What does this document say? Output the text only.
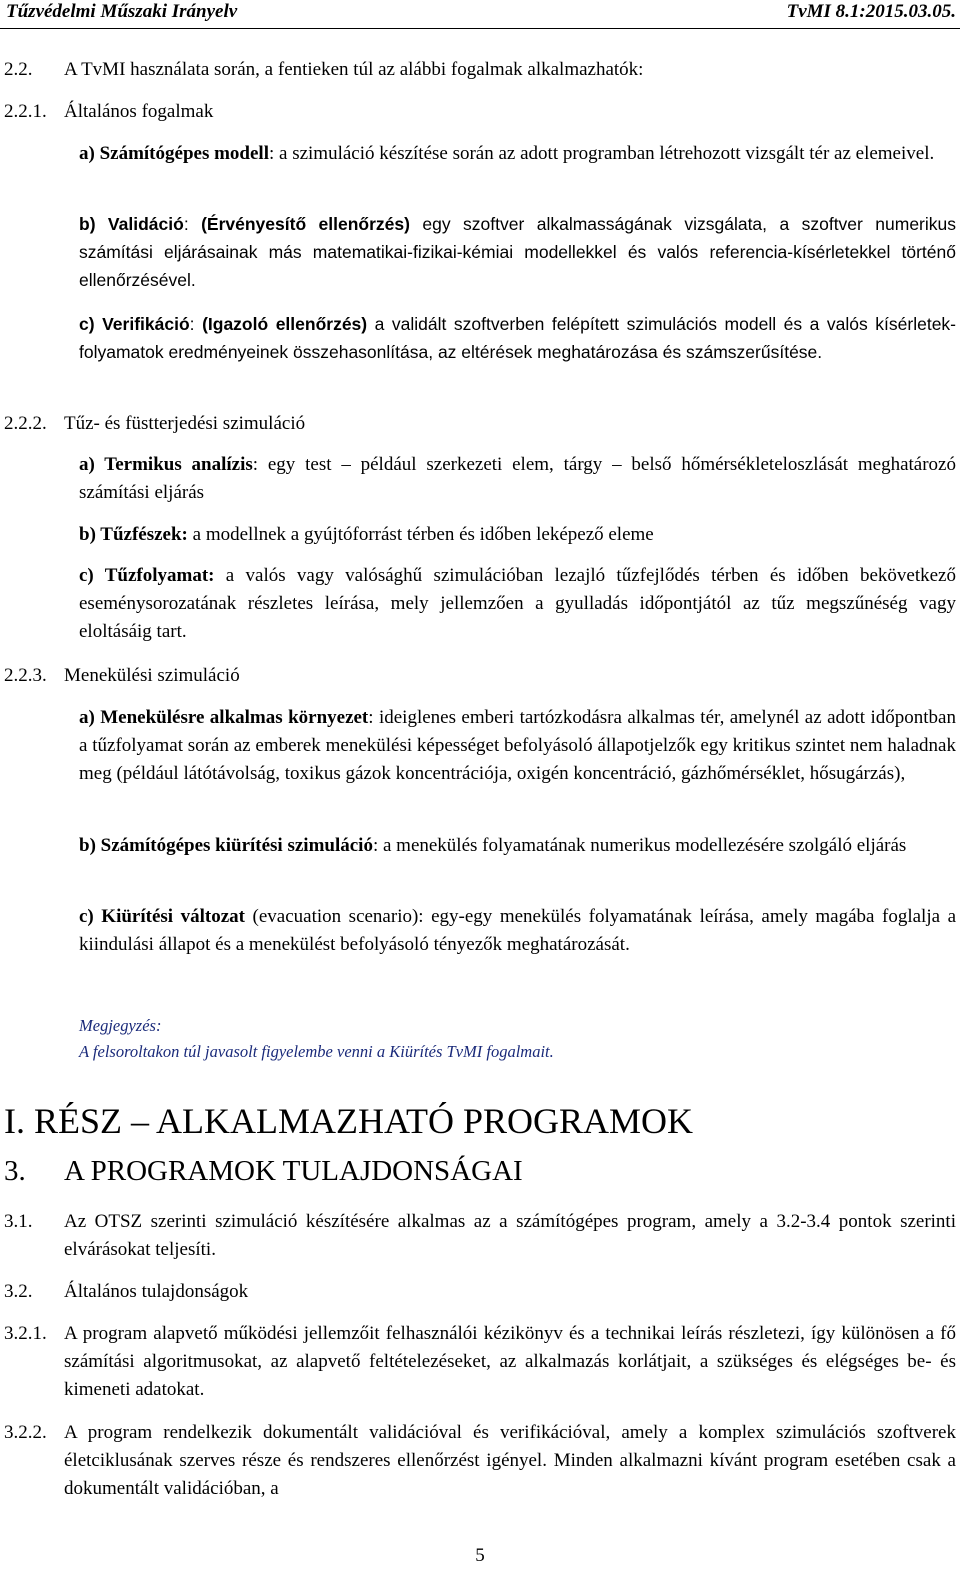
Tűzvédelmi Műszaki Irányelv	TvMI 8.1:2015.03.05.
2.2. A TvMI használata során, a fentieken túl az alábbi fogalmak alkalmazhatók:
2.2.1. Általános fogalmak
a) Számítógépes modell: a szimuláció készítése során az adott programban létrehozott vizsgált tér az elemeivel.
b) Validáció: (Érvényesítő ellenőrzés) egy szoftver alkalmasságának vizsgálata, a szoftver numerikus számítási eljárásainak más matematikai-fizikai-kémiai modellekkel és valós referencia-kísérletekkel történő ellenőrzésével.
c) Verifikáció: (Igazoló ellenőrzés) a validált szoftverben felépített szimulációs modell és a valós kísérletek-folyamatok eredményeinek összehasonlítása, az eltérések meghatározása és számszerűsítése.
2.2.2. Tűz- és füstterjedési szimuláció
a) Termikus analízis: egy test – például szerkezeti elem, tárgy – belső hőmérsékleteloszlását meghatározó számítási eljárás
b) Tűzfészek: a modellnek a gyújtóforrást térben és időben leképező eleme
c) Tűzfolyamat: a valós vagy valósághű szimulációban lezajló tűzfejlődés térben és időben bekövetkező eseménysorozatának részletes leírása, mely jellemzően a gyulladás időpontjától az tűz megszűnéség vagy eloltásáig tart.
2.2.3. Menekülési szimuláció
a) Menekülésre alkalmas környezet: ideiglenes emberi tartózkodásra alkalmas tér, amelynél az adott időpontban a tűzfolyamat során az emberek menekülési képességet befolyásoló állapotjelzők egy kritikus szintet nem haladnak meg (például látótávolság, toxikus gázok koncentrációja, oxigén koncentráció, gázhőmérséklet, hősugárzás),
b) Számítógépes kiürítési szimuláció: a menekülés folyamatának numerikus modellezésére szolgáló eljárás
c) Kiürítési változat (evacuation scenario): egy-egy menekülés folyamatának leírása, amely magába foglalja a kiindulási állapot és a menekülést befolyásoló tényezők meghatározását.
Megjegyzés:
A felsoroltakon túl javasolt figyelembe venni a Kiürítés TvMI fogalmait.
I. RÉSZ – ALKALMAZHATÓ PROGRAMOK
3. A PROGRAMOK TULAJDONSÁGAI
3.1. Az OTSZ szerinti szimuláció készítésére alkalmas az a számítógépes program, amely a 3.2-3.4 pontok szerinti elvárásokat teljesíti.
3.2. Általános tulajdonságok
3.2.1. A program alapvető működési jellemzőit felhasználói kézikönyv és a technikai leírás részletezi, így különösen a fő számítási algoritmusokat, az alapvető feltételezéseket, az alkalmazás korlátjait, a szükséges és elégséges be- és kimeneti adatokat.
3.2.2. A program rendelkezik dokumentált validációval és verifikációval, amely a komplex szimulációs szoftverek életciklusának szerves része és rendszeres ellenőrzést igényel. Minden alkalmazni kívánt program esetében csak a dokumentált validációban, a
5
